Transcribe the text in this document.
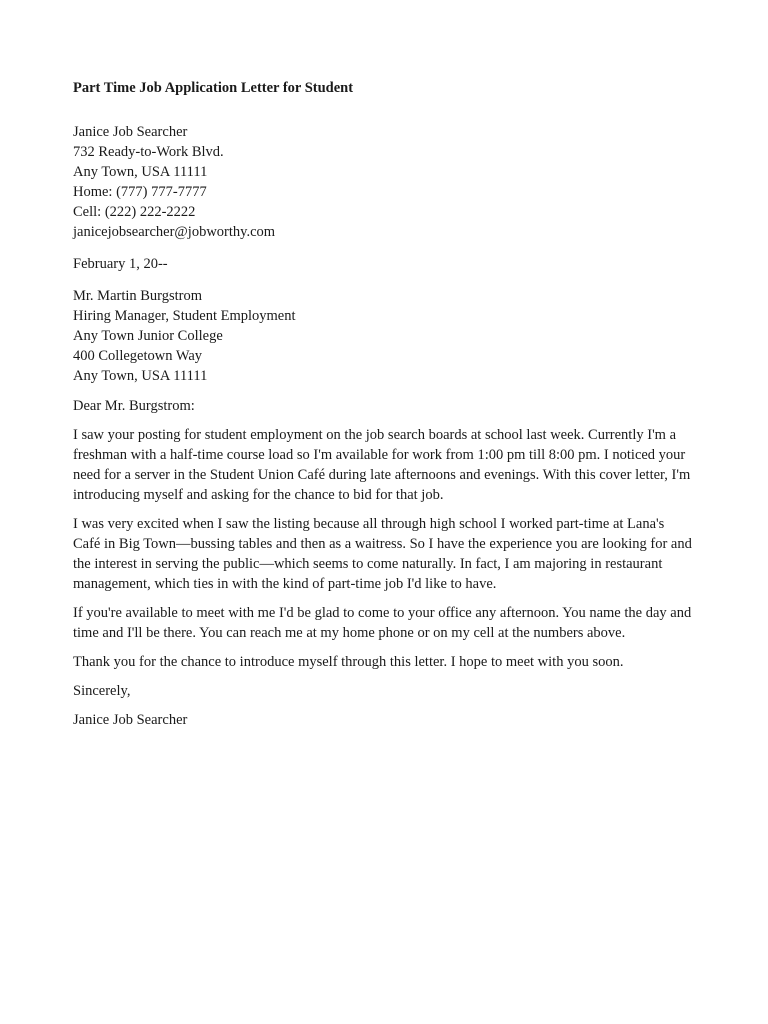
Part Time Job Application Letter for Student
Janice Job Searcher
732 Ready-to-Work Blvd.
Any Town, USA 11111
Home: (777) 777-7777
Cell: (222) 222-2222
janicejobsearcher@jobworthy.com
February 1, 20--
Mr. Martin Burgstrom
Hiring Manager, Student Employment
Any Town Junior College
400 Collegetown Way
Any Town, USA 11111
Dear Mr. Burgstrom:

I saw your posting for student employment on the job search boards at school last week. Currently I'm a freshman with a half-time course load so I'm available for work from 1:00 pm till 8:00 pm. I noticed your need for a server in the Student Union Café during late afternoons and evenings. With this cover letter, I'm introducing myself and asking for the chance to bid for that job.

I was very excited when I saw the listing because all through high school I worked part-time at Lana's Café in Big Town—bussing tables and then as a waitress. So I have the experience you are looking for and the interest in serving the public—which seems to come naturally. In fact, I am majoring in restaurant management, which ties in with the kind of part-time job I'd like to have.

If you're available to meet with me I'd be glad to come to your office any afternoon. You name the day and time and I'll be there. You can reach me at my home phone or on my cell at the numbers above.

Thank you for the chance to introduce myself through this letter. I hope to meet with you soon.

Sincerely,
Janice Job Searcher
